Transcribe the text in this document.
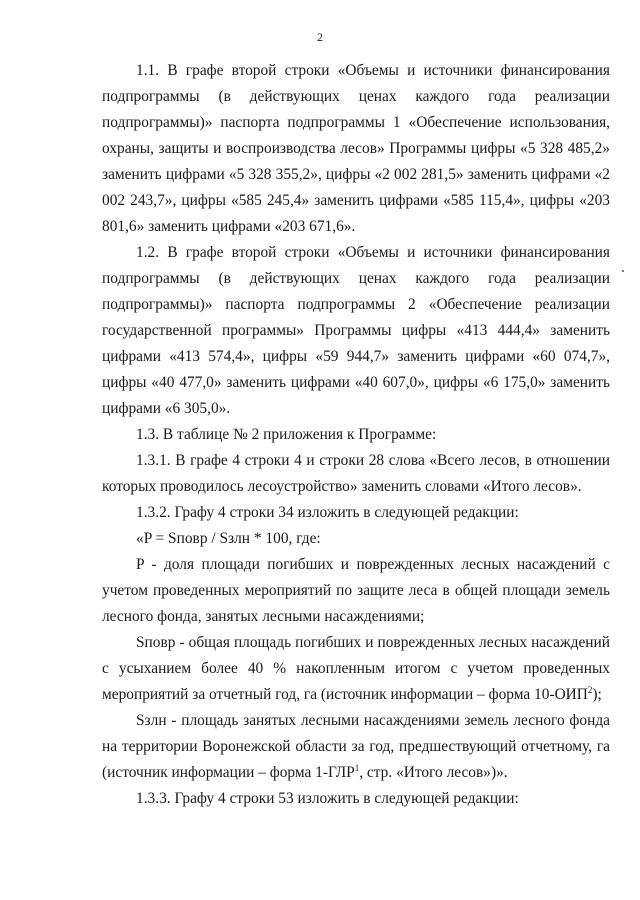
2

1.1. В графе второй строки «Объемы и источники финансирования подпрограммы (в действующих ценах каждого года реализации подпрограммы)» паспорта подпрограммы 1 «Обеспечение использования, охраны, защиты и воспроизводства лесов» Программы цифры «5 328 485,2» заменить цифрами «5 328 355,2», цифры «2 002 281,5» заменить цифрами «2 002 243,7», цифры «585 245,4» заменить цифрами «585 115,4», цифры «203 801,6» заменить цифрами «203 671,6».

1.2. В графе второй строки «Объемы и источники финансирования подпрограммы (в действующих ценах каждого года реализации подпрограммы)» паспорта подпрограммы 2 «Обеспечение реализации государственной программы» Программы цифры «413 444,4» заменить цифрами «413 574,4», цифры «59 944,7» заменить цифрами «60 074,7», цифры «40 477,0» заменить цифрами «40 607,0», цифры «6 175,0» заменить цифрами «6 305,0».

1.3. В таблице № 2 приложения к Программе:

1.3.1. В графе 4 строки 4 и строки 28 слова «Всего лесов, в отношении которых проводилось лесоустройство» заменить словами «Итого лесов».

1.3.2. Графу 4 строки 34 изложить в следующей редакции:

«P = Sповр / Sзлн * 100, где:

P - доля площади погибших и поврежденных лесных насаждений с учетом проведенных мероприятий по защите леса в общей площади земель лесного фонда, занятых лесными насаждениями;

Sповр - общая площадь погибших и поврежденных лесных насаждений с усыханием более 40 % накопленным итогом с учетом проведенных мероприятий за отчетный год, га (источник информации – форма 10-ОИП$^2$);

Sзлн - площадь занятых лесными насаждениями земель лесного фонда на территории Воронежской области за год, предшествующий отчетному, га (источник информации – форма 1-ГЛР$^1$, стр. «Итого лесов»)».

1.3.3. Графу 4 строки 53 изложить в следующей редакции:
